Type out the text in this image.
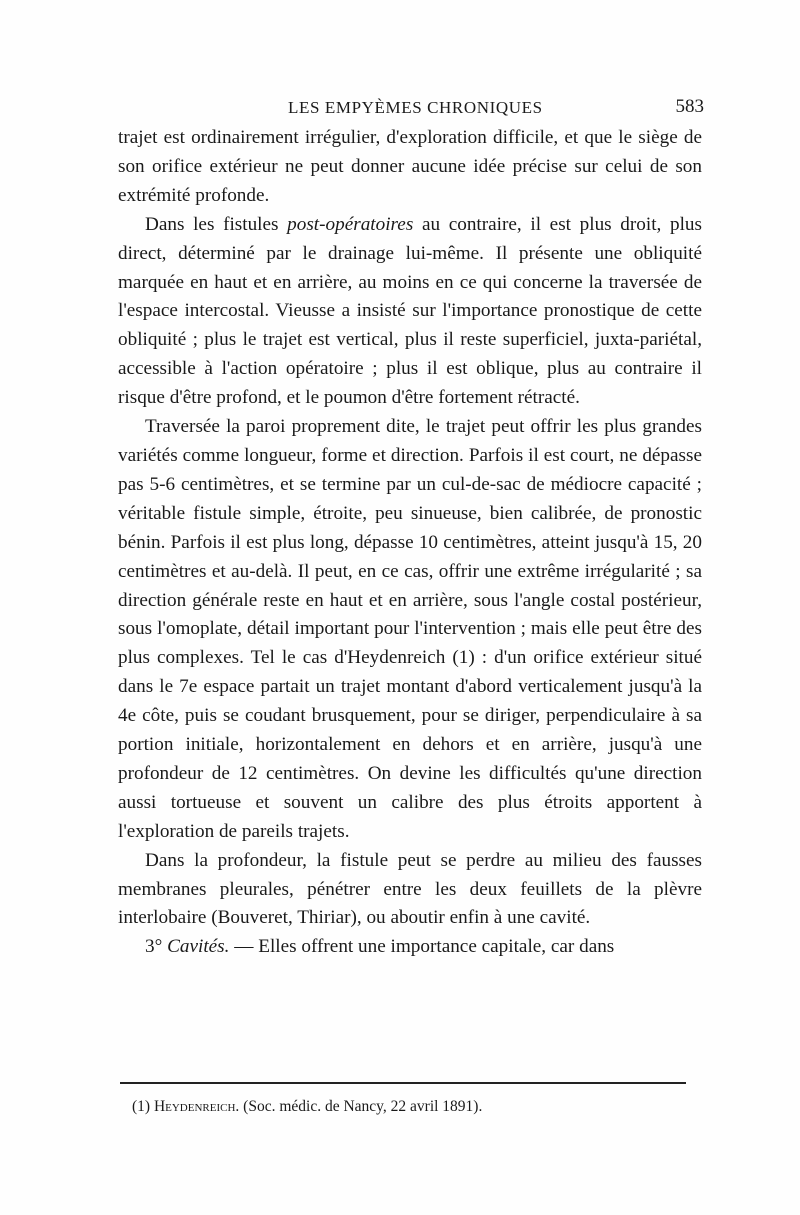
LES EMPYÈMES CHRONIQUES	583

trajet est ordinairement irrégulier, d'exploration difficile, et que le siège de son orifice extérieur ne peut donner aucune idée précise sur celui de son extrémité profonde.

Dans les fistules post-opératoires au contraire, il est plus droit, plus direct, déterminé par le drainage lui-même. Il présente une obliquité marquée en haut et en arrière, au moins en ce qui concerne la traversée de l'espace intercostal. Vieusse a insisté sur l'importance pronostique de cette obliquité ; plus le trajet est vertical, plus il reste superficiel, juxta-pariétal, accessible à l'action opératoire ; plus il est oblique, plus au contraire il risque d'être profond, et le poumon d'être fortement rétracté.

Traversée la paroi proprement dite, le trajet peut offrir les plus grandes variétés comme longueur, forme et direction. Parfois il est court, ne dépasse pas 5-6 centimètres, et se termine par un cul-de-sac de médiocre capacité ; véritable fistule simple, étroite, peu sinueuse, bien calibrée, de pronostic bénin. Parfois il est plus long, dépasse 10 centimètres, atteint jusqu'à 15, 20 centimètres et au-delà. Il peut, en ce cas, offrir une extrême irrégularité ; sa direction générale reste en haut et en arrière, sous l'angle costal postérieur, sous l'omoplate, détail important pour l'intervention ; mais elle peut être des plus complexes. Tel le cas d'Heydenreich (1) : d'un orifice extérieur situé dans le 7e espace partait un trajet montant d'abord verticalement jusqu'à la 4e côte, puis se coudant brusquement, pour se diriger, perpendiculaire à sa portion initiale, horizontalement en dehors et en arrière, jusqu'à une profondeur de 12 centimètres. On devine les difficultés qu'une direction aussi tortueuse et souvent un calibre des plus étroits apportent à l'exploration de pareils trajets.

Dans la profondeur, la fistule peut se perdre au milieu des fausses membranes pleurales, pénétrer entre les deux feuillets de la plèvre interlobaire (Bouveret, Thiriar), ou aboutir enfin à une cavité.

3° Cavités. — Elles offrent une importance capitale, car dans

(1) Heydenreich. (Soc. médic. de Nancy, 22 avril 1891).
